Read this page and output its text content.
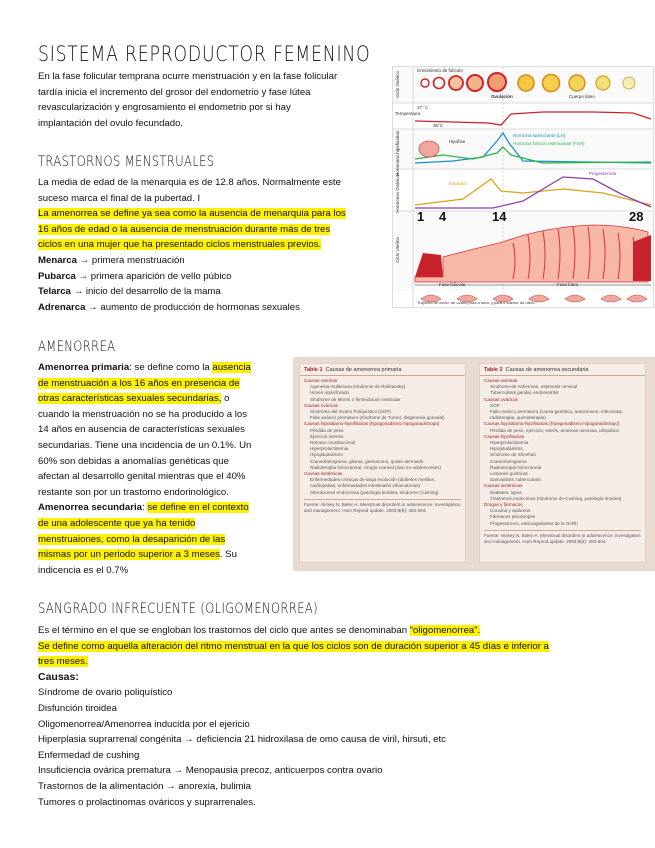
SISTEMA REPRODUCTOR FEMENINO
En la fase folicular temprana ocurre menstruación y en la fase folicular
tardía inicia el incremento del grosor del endometrio y fase lútea
revascularización y engrosamiento el endometrio por si hay
implantación del ovulo fecundado.
TRASTORNOS MENSTRUALES
La media de edad de la menarquia es de 12.8 años. Normalmente este
suceso marca el final de la pubertad. I
La amenorrea se define ya sea como la ausencia de menarquia para los
16 años de edad o la ausencia de menstruación durante más de tres
ciclos en una mujer que ha presentado ciclos menstruales previos.
Menarca → primera menstruación
Pubarca → primera aparición de vello púbico
Telarca → inicio del desarrollo de la mama
Adrenarca → aumento de producción de hormonas sexuales
Crecimiento de folículo
Ovulación	Cuerpo lúteo
Ciclo Ovárico
Temperatura
Hormonas hipofisarias
Hormonas Ováricas
Ciclo Uterino
37° C
36°C
Hipófise
Hormona luteinizante (LH)
Hormona folículo estimulante (FSH)
Estradiol
Progesterona
1 4	14	28
Fase folicular	Fase lútea
Trayecto de óvulo: de ovario para a tuba, y para o interior do útero.
AMENORREA
Amenorrea primaria: se define como la ausencia
de menstruación a los 16 años en presencia de
otras características sexuales secundarias, o
cuando la menstruación no se ha producido a los
14 años en ausencia de características sexuales
secundarias. Tiene una incidencia de un 0.1%. Un
60% son debidas a anomalías genéticas que
afectan al desarrollo genital mientras que el 40%
restante son por un trastorno endorinológico.
Amenorrea secundaria: se define en el contexto
de una adolescente que ya ha tenido
menstruaiones, como la desaparición de las
mismas por un periodo superior a 3 meses. Su
indicencia es el 0.7%
Table 1 Causas de amenorrea primaria
Causas uterinas
Agenesia mülleriana (síndrome de Rokitansky)
Himen imperforado
Síndrome de Morris o feminización testicular
Causas ováricas
Síndrome del Ovario Poliquístico (SOP)
Fallo ovárico prematuro (síndrome de Turner, disgenesia gonadal)
Causas hipotálamo-hipofisarias (hipogonadismo hipogonadotropo)
Pérdida de peso
Ejercicio intenso
Retraso constitucional
Hiperprolactinemia
Hipopituitarismo
Craneofaringioma, glioma, germinoma, quiste dermoide
Radioterapia holocraneal, cirugía craneal (raro en adolescentes)
Causas sistémicas
Enfermedades crónicas de larga evolución (diabetes mellitus, cardiopatías, enfermedades intestinales inflamatorias)
Alteraciones endocrinas (patología tiroidea, síndrome Cushing)
Fuente: Hickey N, Balen A. Menstrual disorders in adolescence: investigation and management. Hum Reprod update. 2003;9(5): 493-504.
Table 2 Causas de amenorrea secundaria
Causas uterinas
Síndrome de Asherman, estenosis cervical
Tuberculosis genital, endometritis
Causas ováricas
SOP
Fallo ovárico prematuro (causa genética, autoinmune, infecciosa, radioterapia, quimioterapia)
Causas hipotálamo-hipofisarias (hipogonadismo hipogonadotropo)
Pérdida de peso, ejercicio, estrés, anorexia nerviosa, idiopática
Causas hipofisarias
Hiperprolactinemia
Hipopituitarismo
Síndrome de Sheehan
Craneofaringioma
Radioterapia holocraneal
Lesiones quísticas
Sarcoidosis, tuberculosis
Causas sistémicas
Diabetes, lupus
Trastornos endocrinos (síndrome de Cushing, patología tiroidea)
Drogas y fármacos
Cocaína y opiáceos
Fármacos psicotropos
Progestaroms, anticoagulantes de la GnRh
Fuente: Hickey N, Balen A. Menstrual disorders in adolescence: investigation and management. Hum Reprod update. 2003;9(5): 493-504.
SANGRADO INFRECUENTE (OLIGOMENORREA)
Es el término en el que se engloban los trastornos del ciclo que antes se denominaban “oligomenorrea”.
Se define como aquella alteración del ritmo menstrual en la que los ciclos son de duración superior a 45 días e inferior a
tres meses.
Causas:
Síndrome de ovario poliquístico
Disfunción tiroidea
Oligomenorrea/Amenorrea inducida por el ejericio
Hiperplasia suprarrenal congénita → deficiencia 21 hidroxilasa de omo causa de viril, hirsuti, etc
Enfermedad de cushing
Insuficiencia ovárica prematura → Menopausia precoz, anticuerpos contra ovario
Trastornos de la alimentación → anorexia, bulimia
Tumores o prolactinomas ováricos y suprarrenales.
